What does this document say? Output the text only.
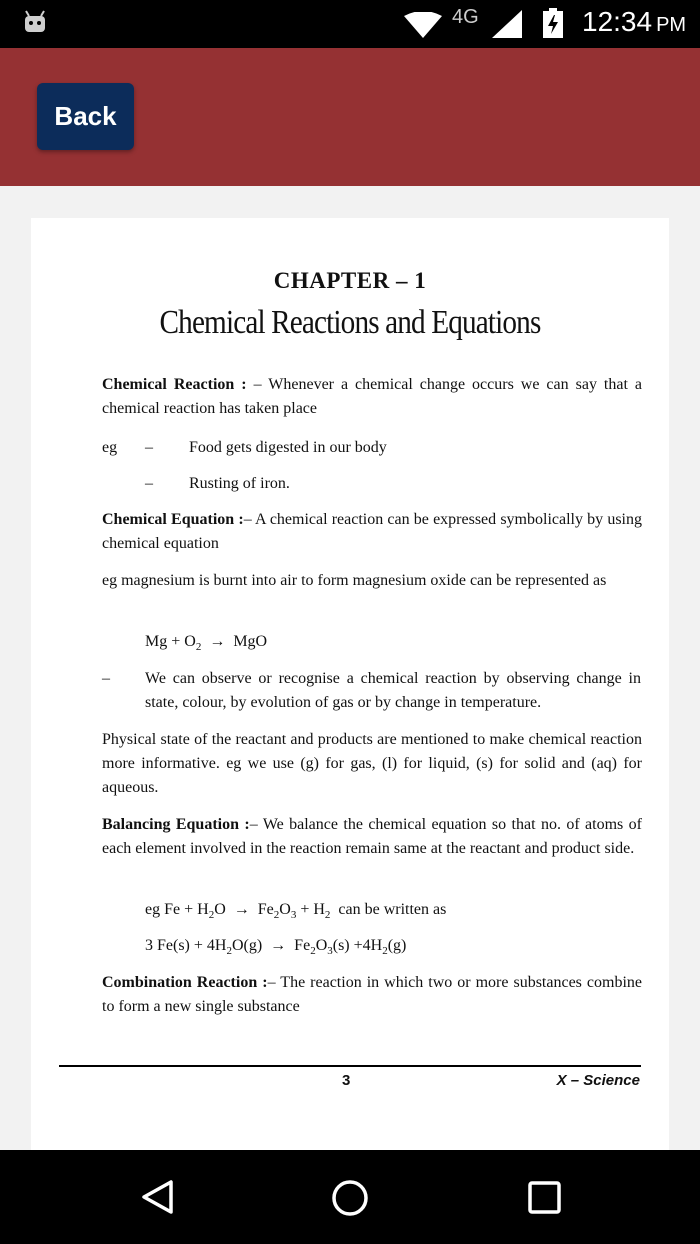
4G	12:34 PM
Back
CHAPTER – 1
Chemical Reactions and Equations
Chemical Reaction : – Whenever a chemical change occurs we can say that a chemical reaction has taken place
eg – Food gets digested in our body
– Rusting of iron.
Chemical Equation :– A chemical reaction can be expressed symbolically by using chemical equation
eg magnesium is burnt into air to form magnesium oxide can be represented as
$Mg + O_2$ → MgO
– We can observe or recognise a chemical reaction by observing change in state, colour, by evolution of gas or by change in temperature.
Physical state of the reactant and products are mentioned to make chemical reaction more informative. eg we use (g) for gas, (l) for liquid, (s) for solid and (aq) for aqueous.
Balancing Equation :– We balance the chemical equation so that no. of atoms of each element involved in the reaction remain same at the reactant and product side.
eg $Fe + H_2O \to Fe_2O_3 + H_2$  can be written as
3 $Fe(s) + 4H_2O(g) \to Fe_2O_3(s) +4H_2(g)$
Combination Reaction :– The reaction in which two or more substances combine to form a new single substance
3	X – Science
